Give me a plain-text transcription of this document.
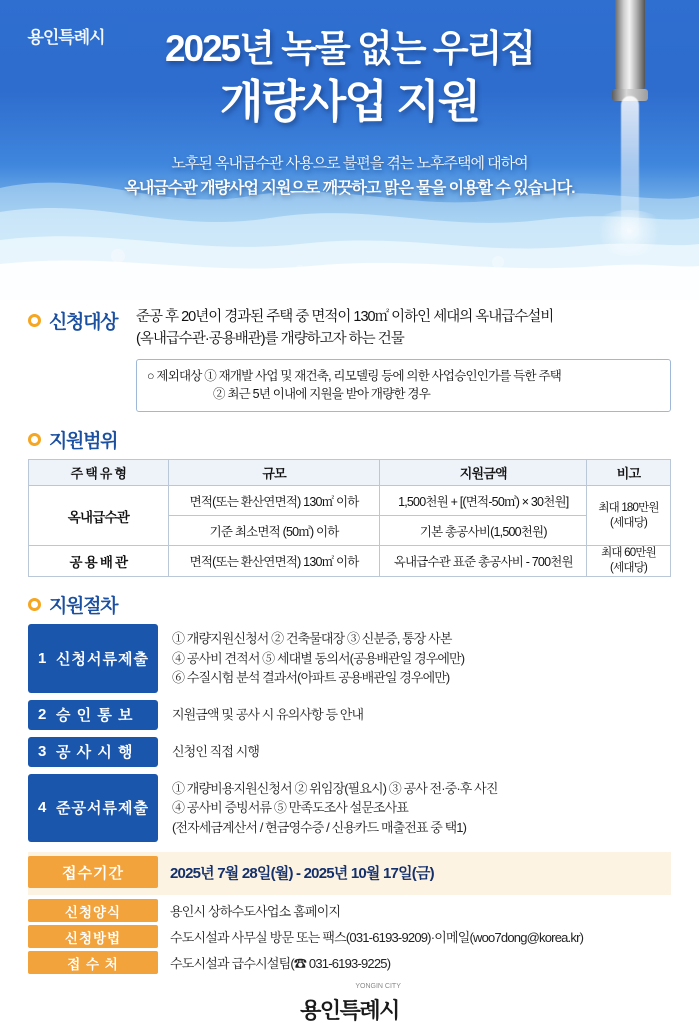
용인특례시	2025년 녹물 없는 우리집
개량사업 지원
노후된 옥내급수관 사용으로 불편을 겪는 노후주택에 대하여
옥내급수관 개량사업 지원으로 깨끗하고 맑은 물을 이용할 수 있습니다.
신청대상 준공 후 20년이 경과된 주택 중 면적이 130㎡ 이하인 세대의 옥내급수설비
(옥내급수관·공용배관)를 개량하고자 하는 건물
○ 제외대상 ① 재개발 사업 및 재건축, 리모델링 등에 의한 사업승인인가를 득한 주택
② 최근 5년 이내에 지원을 받아 개량한 경우
지원범위
주 택 유 형	규모	지원금액	비고
옥내급수관	면적(또는 환산연면적) 130㎡ 이하	1,500천원 + [(면적-50㎡) × 30천원]	최대 180만원
(세대당)
	기준 최소면적 (50㎡) 이하	기본 총공사비(1,500천원)	
공 용 배 관	면적(또는 환산연면적) 130㎡ 이하	옥내급수관 표준 총공사비 - 700천원	최대 60만원
(세대당)
지원절차
1 신청서류제출
① 개량지원신청서 ② 건축물대장 ③ 신분증, 통장 사본
④ 공사비 견적서 ⑤ 세대별 동의서(공용배관일 경우에만)
⑥ 수질시험 분석 결과서(아파트 공용배관일 경우에만)
2 승 인 통 보	지원금액 및 공사 시 유의사항 등 안내
3 공 사 시 행	신청인 직접 시행
4 준공서류제출
① 개량비용지원신청서 ② 위임장(필요시) ③ 공사 전·중·후 사진
④ 공사비 증빙서류 ⑤ 만족도조사 설문조사표
(전자세금계산서 / 현금영수증 / 신용카드 매출전표 중 택1)
접수기간	2025년 7월 28일(월) - 2025년 10월 17일(금)
신청양식	용인시 상하수도사업소 홈페이지
신청방법	수도시설과 사무실 방문 또는 팩스(031-6193-9209)·이메일(woo7dong@korea.kr)
접 수 처	수도시설과 급수시설팀(☎ 031-6193-9225)
용인특례시
YONGIN CITY
